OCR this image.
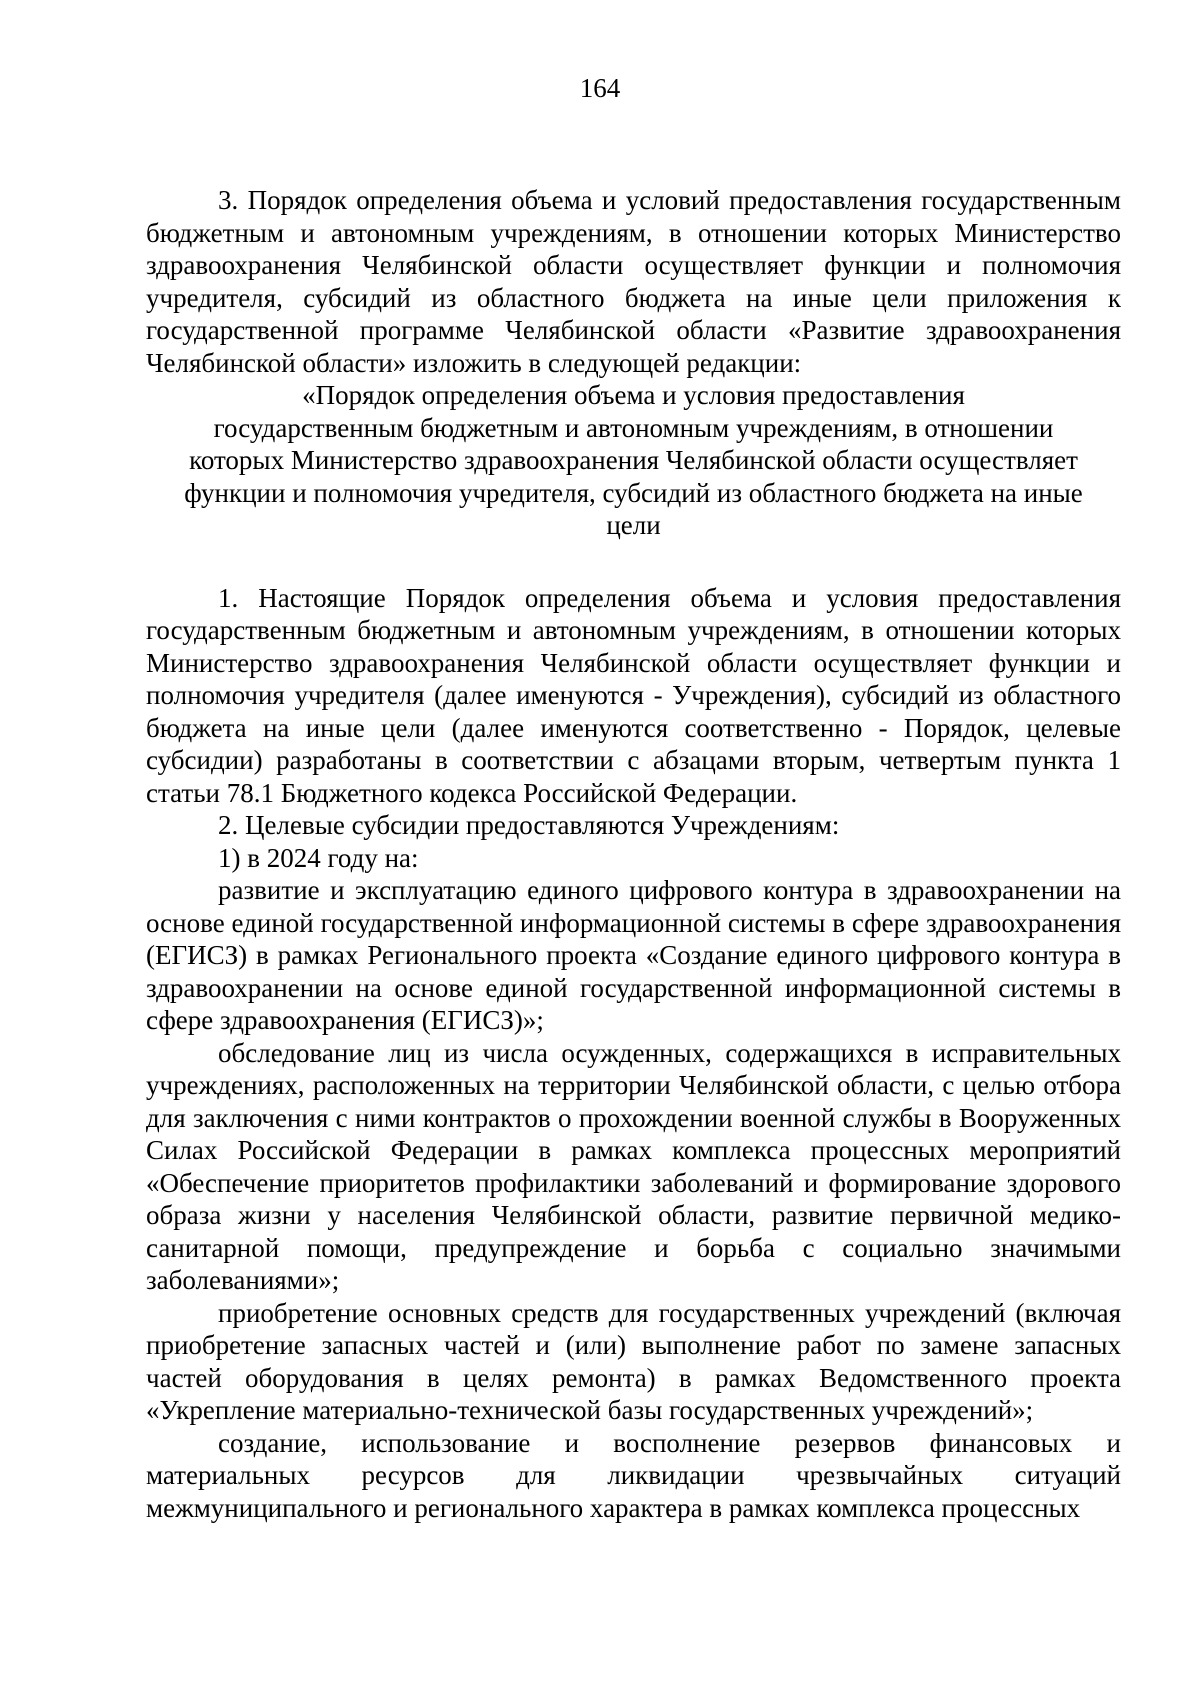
164

3. Порядок определения объема и условий предоставления государственным бюджетным и автономным учреждениям, в отношении которых Министерство здравоохранения Челябинской области осуществляет функции и полномочия учредителя, субсидий из областного бюджета на иные цели приложения к государственной программе Челябинской области «Развитие здравоохранения Челябинской области» изложить в следующей редакции:

«Порядок определения объема и условия предоставления
государственным бюджетным и автономным учреждениям, в отношении
которых Министерство здравоохранения Челябинской области осуществляет
функции и полномочия учредителя, субсидий из областного бюджета на иные
цели

1. Настоящие Порядок определения объема и условия предоставления государственным бюджетным и автономным учреждениям, в отношении которых Министерство здравоохранения Челябинской области осуществляет функции и полномочия учредителя (далее именуются - Учреждения), субсидий из областного бюджета на иные цели (далее именуются соответственно - Порядок, целевые субсидии) разработаны в соответствии с абзацами вторым, четвертым пункта 1 статьи 78.1 Бюджетного кодекса Российской Федерации.

2. Целевые субсидии предоставляются Учреждениям:

1) в 2024 году на:

развитие и эксплуатацию единого цифрового контура в здравоохранении на основе единой государственной информационной системы в сфере здравоохранения (ЕГИСЗ) в рамках Регионального проекта «Создание единого цифрового контура в здравоохранении на основе единой государственной информационной системы в сфере здравоохранения (ЕГИСЗ)»;

обследование лиц из числа осужденных, содержащихся в исправительных учреждениях, расположенных на территории Челябинской области, с целью отбора для заключения с ними контрактов о прохождении военной службы в Вооруженных Силах Российской Федерации в рамках комплекса процессных мероприятий «Обеспечение приоритетов профилактики заболеваний и формирование здорового образа жизни у населения Челябинской области, развитие первичной медико-санитарной помощи, предупреждение и борьба с социально значимыми заболеваниями»;

приобретение основных средств для государственных учреждений (включая приобретение запасных частей и (или) выполнение работ по замене запасных частей оборудования в целях ремонта) в рамках Ведомственного проекта «Укрепление материально-технической базы государственных учреждений»;

создание, использование и восполнение резервов финансовых и материальных ресурсов для ликвидации чрезвычайных ситуаций межмуниципального и регионального характера в рамках комплекса процессных
